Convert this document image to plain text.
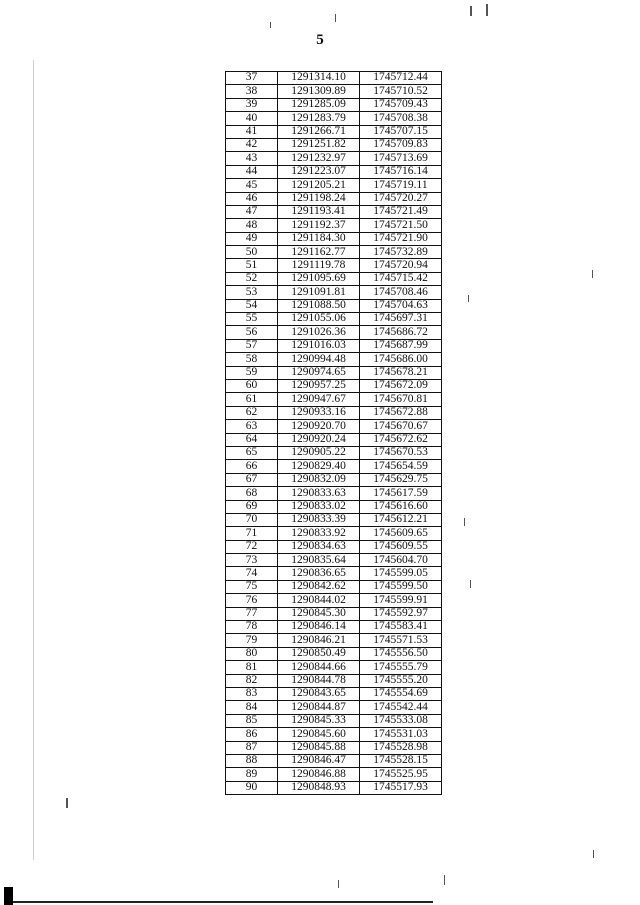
5
37	1291314.10	1745712.44
38	1291309.89	1745710.52
39	1291285.09	1745709.43
40	1291283.79	1745708.38
41	1291266.71	1745707.15
42	1291251.82	1745709.83
43	1291232.97	1745713.69
44	1291223.07	1745716.14
45	1291205.21	1745719.11
46	1291198.24	1745720.27
47	1291193.41	1745721.49
48	1291192.37	1745721.50
49	1291184.30	1745721.90
50	1291162.77	1745732.89
51	1291119.78	1745720.94
52	1291095.69	1745715.42
53	1291091.81	1745708.46
54	1291088.50	1745704.63
55	1291055.06	1745697.31
56	1291026.36	1745686.72
57	1291016.03	1745687.99
58	1290994.48	1745686.00
59	1290974.65	1745678.21
60	1290957.25	1745672.09
61	1290947.67	1745670.81
62	1290933.16	1745672.88
63	1290920.70	1745670.67
64	1290920.24	1745672.62
65	1290905.22	1745670.53
66	1290829.40	1745654.59
67	1290832.09	1745629.75
68	1290833.63	1745617.59
69	1290833.02	1745616.60
70	1290833.39	1745612.21
71	1290833.92	1745609.65
72	1290834.63	1745609.55
73	1290835.64	1745604.70
74	1290836.65	1745599.05
75	1290842.62	1745599.50
76	1290844.02	1745599.91
77	1290845.30	1745592.97
78	1290846.14	1745583.41
79	1290846.21	1745571.53
80	1290850.49	1745556.50
81	1290844.66	1745555.79
82	1290844.78	1745555.20
83	1290843.65	1745554.69
84	1290844.87	1745542.44
85	1290845.33	1745533.08
86	1290845.60	1745531.03
87	1290845.88	1745528.98
88	1290846.47	1745528.15
89	1290846.88	1745525.95
90	1290848.93	1745517.93
